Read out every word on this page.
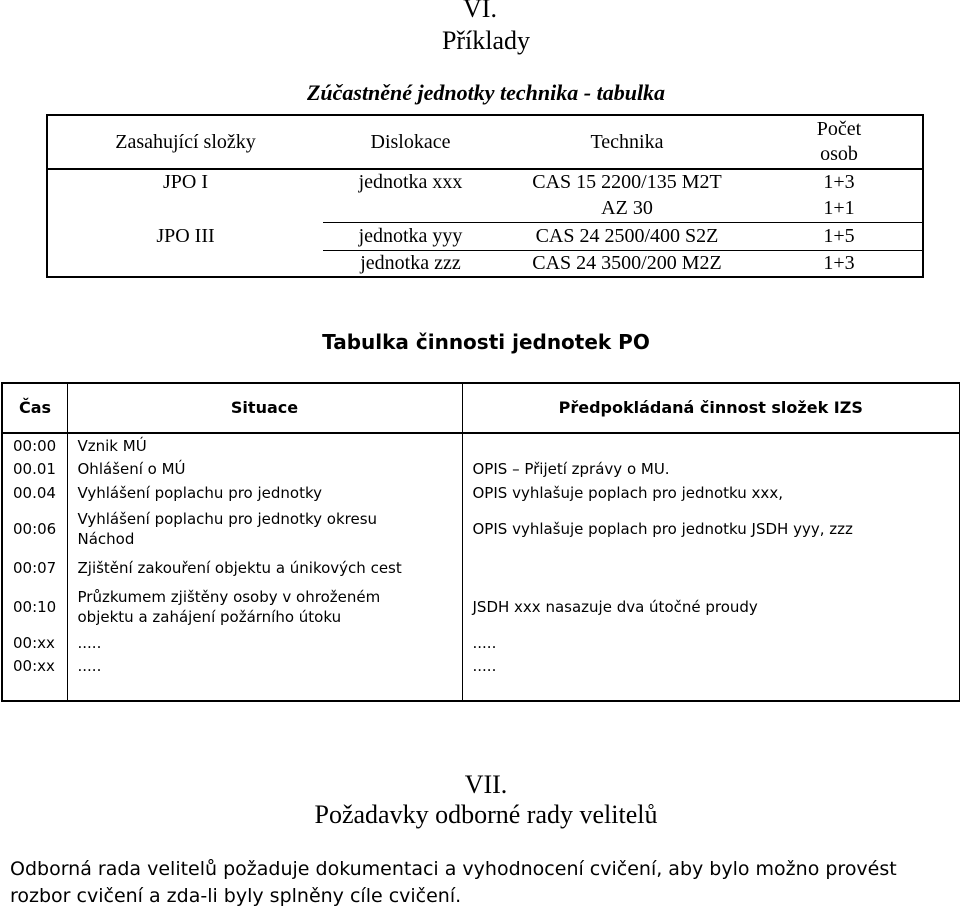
VI.
Příklady
Zúčastněné jednotky technika - tabulka
Zasahující složky	Dislokace	Technika	Počet osob

JPO I	jednotka xxx	CAS 15 2200/135 M2T	1+3
		AZ 30	1+1
JPO III	jednotka yyy	CAS 24 2500/400 S2Z	1+5
	jednotka zzz	CAS 24 3500/200 M2Z	1+3
Tabulka činnosti jednotek PO
Čas	Situace	Předpokládaná činnost složek IZS
00:00	Vznik MÚ	
00.01	Ohlášení o MÚ	OPIS – Přijetí zprávy o MU.
00.04	Vyhlášení poplachu pro jednotky	OPIS vyhlašuje poplach pro jednotku xxx,
00:06	Vyhlášení poplachu pro jednotky okresu Náchod	OPIS vyhlašuje poplach pro jednotku JSDH yyy, zzz
00:07	Zjištění zakouření objektu a únikových cest	
00:10	Průzkumem zjištěny osoby v ohroženém objektu a zahájení požárního útoku	JSDH xxx nasazuje dva útočné proudy
00:xx	.....	.....
00:xx	.....	.....

VII.
Požadavky odborné rady velitelů
Odborná rada velitelů požaduje dokumentaci a vyhodnocení cvičení, aby bylo možno provést rozbor cvičení a zda-li byly splněny cíle cvičení.
